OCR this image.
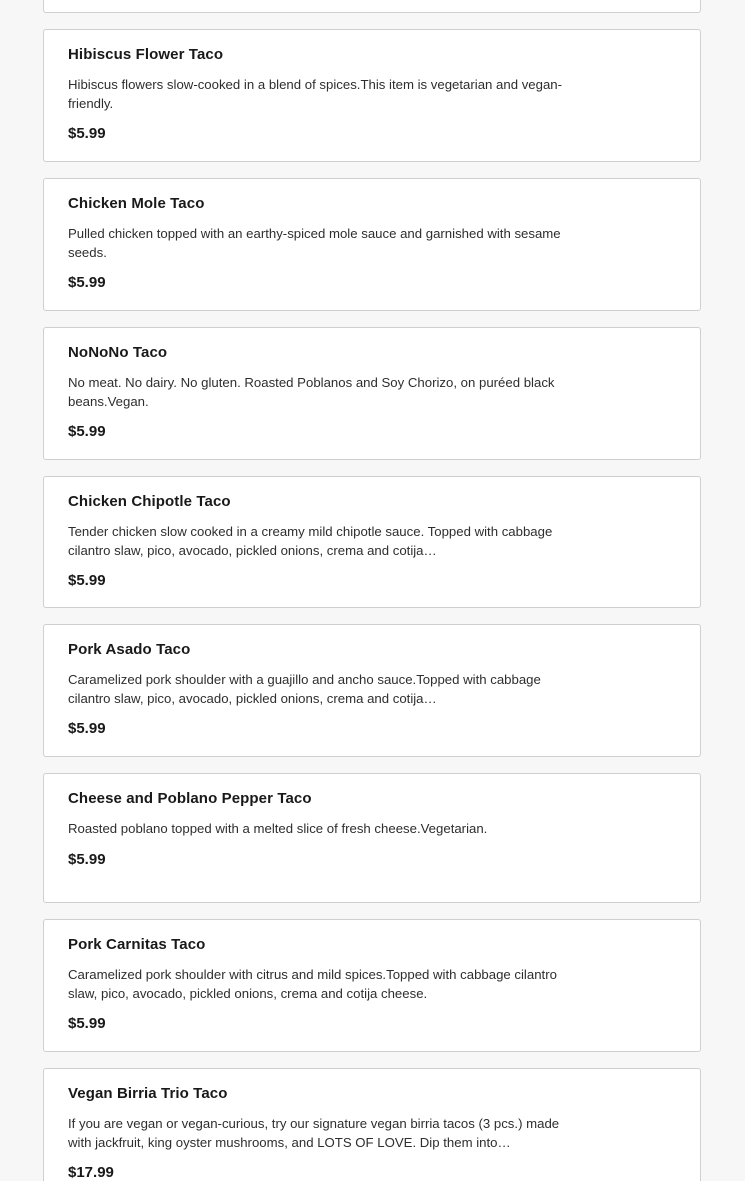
Hibiscus Flower Taco
Hibiscus flowers slow-cooked in a blend of spices.This item is vegetarian and vegan-friendly.
$5.99
Chicken Mole Taco
Pulled chicken topped with an earthy-spiced mole sauce and garnished with sesame seeds.
$5.99
NoNoNo Taco
No meat. No dairy. No gluten. Roasted Poblanos and Soy Chorizo, on puréed black beans.Vegan.
$5.99
Chicken Chipotle Taco
Tender chicken slow cooked in a creamy mild chipotle sauce. Topped with cabbage cilantro slaw, pico, avocado, pickled onions, crema and cotija…
$5.99
Pork Asado Taco
Caramelized pork shoulder with a guajillo and ancho sauce.Topped with cabbage cilantro slaw, pico, avocado, pickled onions, crema and cotija…
$5.99
Cheese and Poblano Pepper Taco
Roasted poblano topped with a melted slice of fresh cheese.Vegetarian.
$5.99
Pork Carnitas Taco
Caramelized pork shoulder with citrus and mild spices.Topped with cabbage cilantro slaw, pico, avocado, pickled onions, crema and cotija cheese.
$5.99
Vegan Birria Trio Taco
If you are vegan or vegan-curious, try our signature vegan birria tacos (3 pcs.) made with jackfruit, king oyster mushrooms, and LOTS OF LOVE. Dip them into…
$17.99
